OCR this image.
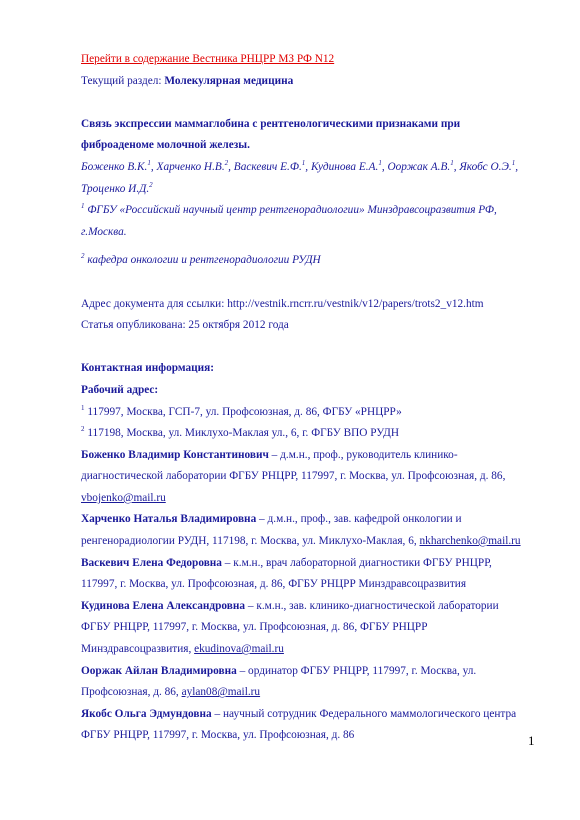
Перейти в содержание Вестника РНЦРР МЗ РФ N12

Текущий раздел: Молекулярная медицина

Связь экспрессии маммаглобина с рентгенологическими признаками при фиброаденоме молочной железы.

Боженко В.К.$^1$, Харченко Н.В.$^2$, Васкевич Е.Ф.$^1$, Кудинова Е.А.$^1$, Ооржак А.В.$^1$, Якобс О.Э.$^1$, Троценко И.Д.$^2$

$^1$ ФГБУ «Российский научный центр рентгенорадиологии» Минздравсоцразвития РФ, г.Москва.

$^2$ кафедра онкологии и рентгенорадиологии РУДН

Адрес документа для ссылки: http://vestnik.rncrr.ru/vestnik/v12/papers/trots2_v12.htm

Статья опубликована: 25 октября 2012 года

Контактная информация:

Рабочий адрес:

$^1$ 117997, Москва, ГСП-7, ул. Профсоюзная, д. 86, ФГБУ «РНЦРР»

$^2$ 117198, Москва, ул. Миклухо-Маклая ул., 6, г. ФГБУ ВПО РУДН

Боженко Владимир Константинович – д.м.н., проф., руководитель клинико-диагностической лаборатории ФГБУ РНЦРР, 117997, г. Москва, ул. Профсоюзная, д. 86, vbojenko@mail.ru

Харченко Наталья Владимировна – д.м.н., проф., зав. кафедрой онкологии и ренгенорадиологии РУДН, 117198, г. Москва, ул. Миклухо-Маклая, 6, nkharchenko@mail.ru

Васкевич Елена Федоровна – к.м.н., врач лабораторной диагностики ФГБУ РНЦРР, 117997, г. Москва, ул. Профсоюзная, д. 86, ФГБУ РНЦРР Минздравсоцразвития

Кудинова Елена Александровна – к.м.н., зав. клинико-диагностической лаборатории ФГБУ РНЦРР, 117997, г. Москва, ул. Профсоюзная, д. 86, ФГБУ РНЦРР Минздравсоцразвития, ekudinova@mail.ru

Ооржак Айлан Владимировна – ординатор ФГБУ РНЦРР, 117997, г. Москва, ул. Профсоюзная, д. 86, aylan08@mail.ru

Якобс Ольга Эдмундовна – научный сотрудник Федерального маммологического центра ФГБУ РНЦРР, 117997, г. Москва, ул. Профсоюзная, д. 86	1
